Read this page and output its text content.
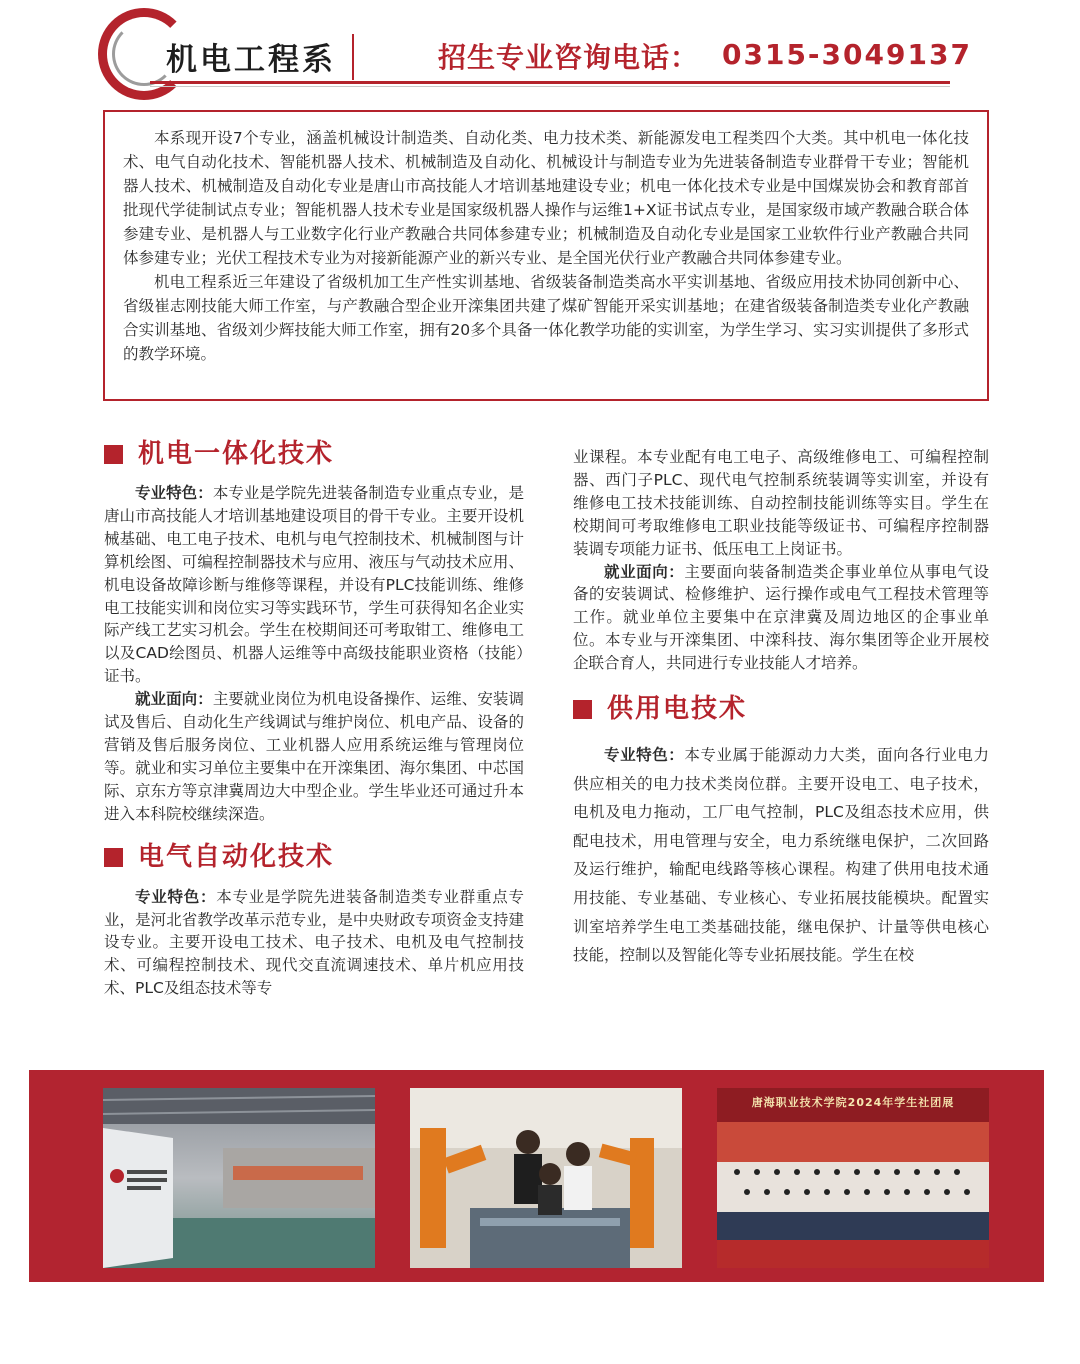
机电工程系	招生专业咨询电话： 0315-3049137

本系现开设7个专业，涵盖机械设计制造类、自动化类、电力技术类、新能源发电工程类四个大类。其中机电一体化技术、电气自动化技术、智能机器人技术、机械制造及自动化、机械设计与制造专业为先进装备制造专业群骨干专业；智能机器人技术、机械制造及自动化专业是唐山市高技能人才培训基地建设专业；机电一体化技术专业是中国煤炭协会和教育部首批现代学徒制试点专业；智能机器人技术专业是国家级机器人操作与运维1+X证书试点专业，是国家级市域产教融合联合体参建专业、是机器人与工业数字化行业产教融合共同体参建专业；机械制造及自动化专业是国家工业软件行业产教融合共同体参建专业；光伏工程技术专业为对接新能源产业的新兴专业、是全国光伏行业产教融合共同体参建专业。

机电工程系近三年建设了省级机加工生产性实训基地、省级装备制造类高水平实训基地、省级应用技术协同创新中心、省级崔志刚技能大师工作室，与产教融合型企业开滦集团共建了煤矿智能开采实训基地；在建省级装备制造类专业化产教融合实训基地、省级刘少辉技能大师工作室，拥有20多个具备一体化教学功能的实训室，为学生学习、实习实训提供了多形式的教学环境。

机电一体化技术

专业特色：本专业是学院先进装备制造专业重点专业，是唐山市高技能人才培训基地建设项目的骨干专业。主要开设机械基础、电工电子技术、电机与电气控制技术、机械制图与计算机绘图、可编程控制器技术与应用、液压与气动技术应用、机电设备故障诊断与维修等课程，并设有PLC技能训练、维修电工技能实训和岗位实习等实践环节，学生可获得知名企业实际产线工艺实习机会。学生在校期间还可考取钳工、维修电工以及CAD绘图员、机器人运维等中高级技能职业资格（技能）证书。

就业面向：主要就业岗位为机电设备操作、运维、安装调试及售后、自动化生产线调试与维护岗位、机电产品、设备的营销及售后服务岗位、工业机器人应用系统运维与管理岗位等。就业和实习单位主要集中在开滦集团、海尔集团、中芯国际、京东方等京津冀周边大中型企业。学生毕业还可通过升本进入本科院校继续深造。

电气自动化技术

专业特色：本专业是学院先进装备制造类专业群重点专业，是河北省教学改革示范专业，是中央财政专项资金支持建设专业。主要开设电工技术、电子技术、电机及电气控制技术、可编程控制技术、现代交直流调速技术、单片机应用技术、PLC及组态技术等专

业课程。本专业配有电工电子、高级维修电工、可编程控制器、西门子PLC、现代电气控制系统装调等实训室，并设有维修电工技术技能训练、自动控制技能训练等实目。学生在校期间可考取维修电工职业技能等级证书、可编程序控制器装调专项能力证书、低压电工上岗证书。

就业面向：主要面向装备制造类企事业单位从事电气设备的安装调试、检修维护、运行操作或电气工程技术管理等工作。就业单位主要集中在京津冀及周边地区的企事业单位。本专业与开滦集团、中滦科技、海尔集团等企业开展校企联合育人，共同进行专业技能人才培养。

供用电技术

专业特色：本专业属于能源动力大类，面向各行业电力供应相关的电力技术类岗位群。主要开设电工、电子技术，电机及电力拖动，工厂电气控制，PLC及组态技术应用，供配电技术，用电管理与安全，电力系统继电保护，二次回路及运行维护，输配电线路等核心课程。构建了供用电技术通用技能、专业基础、专业核心、专业拓展技能模块。配置实训室培养学生电工类基础技能，继电保护、计量等供电核心技能，控制以及智能化等专业拓展技能。学生在校

唐海职业技术学院2024年学生社团展
